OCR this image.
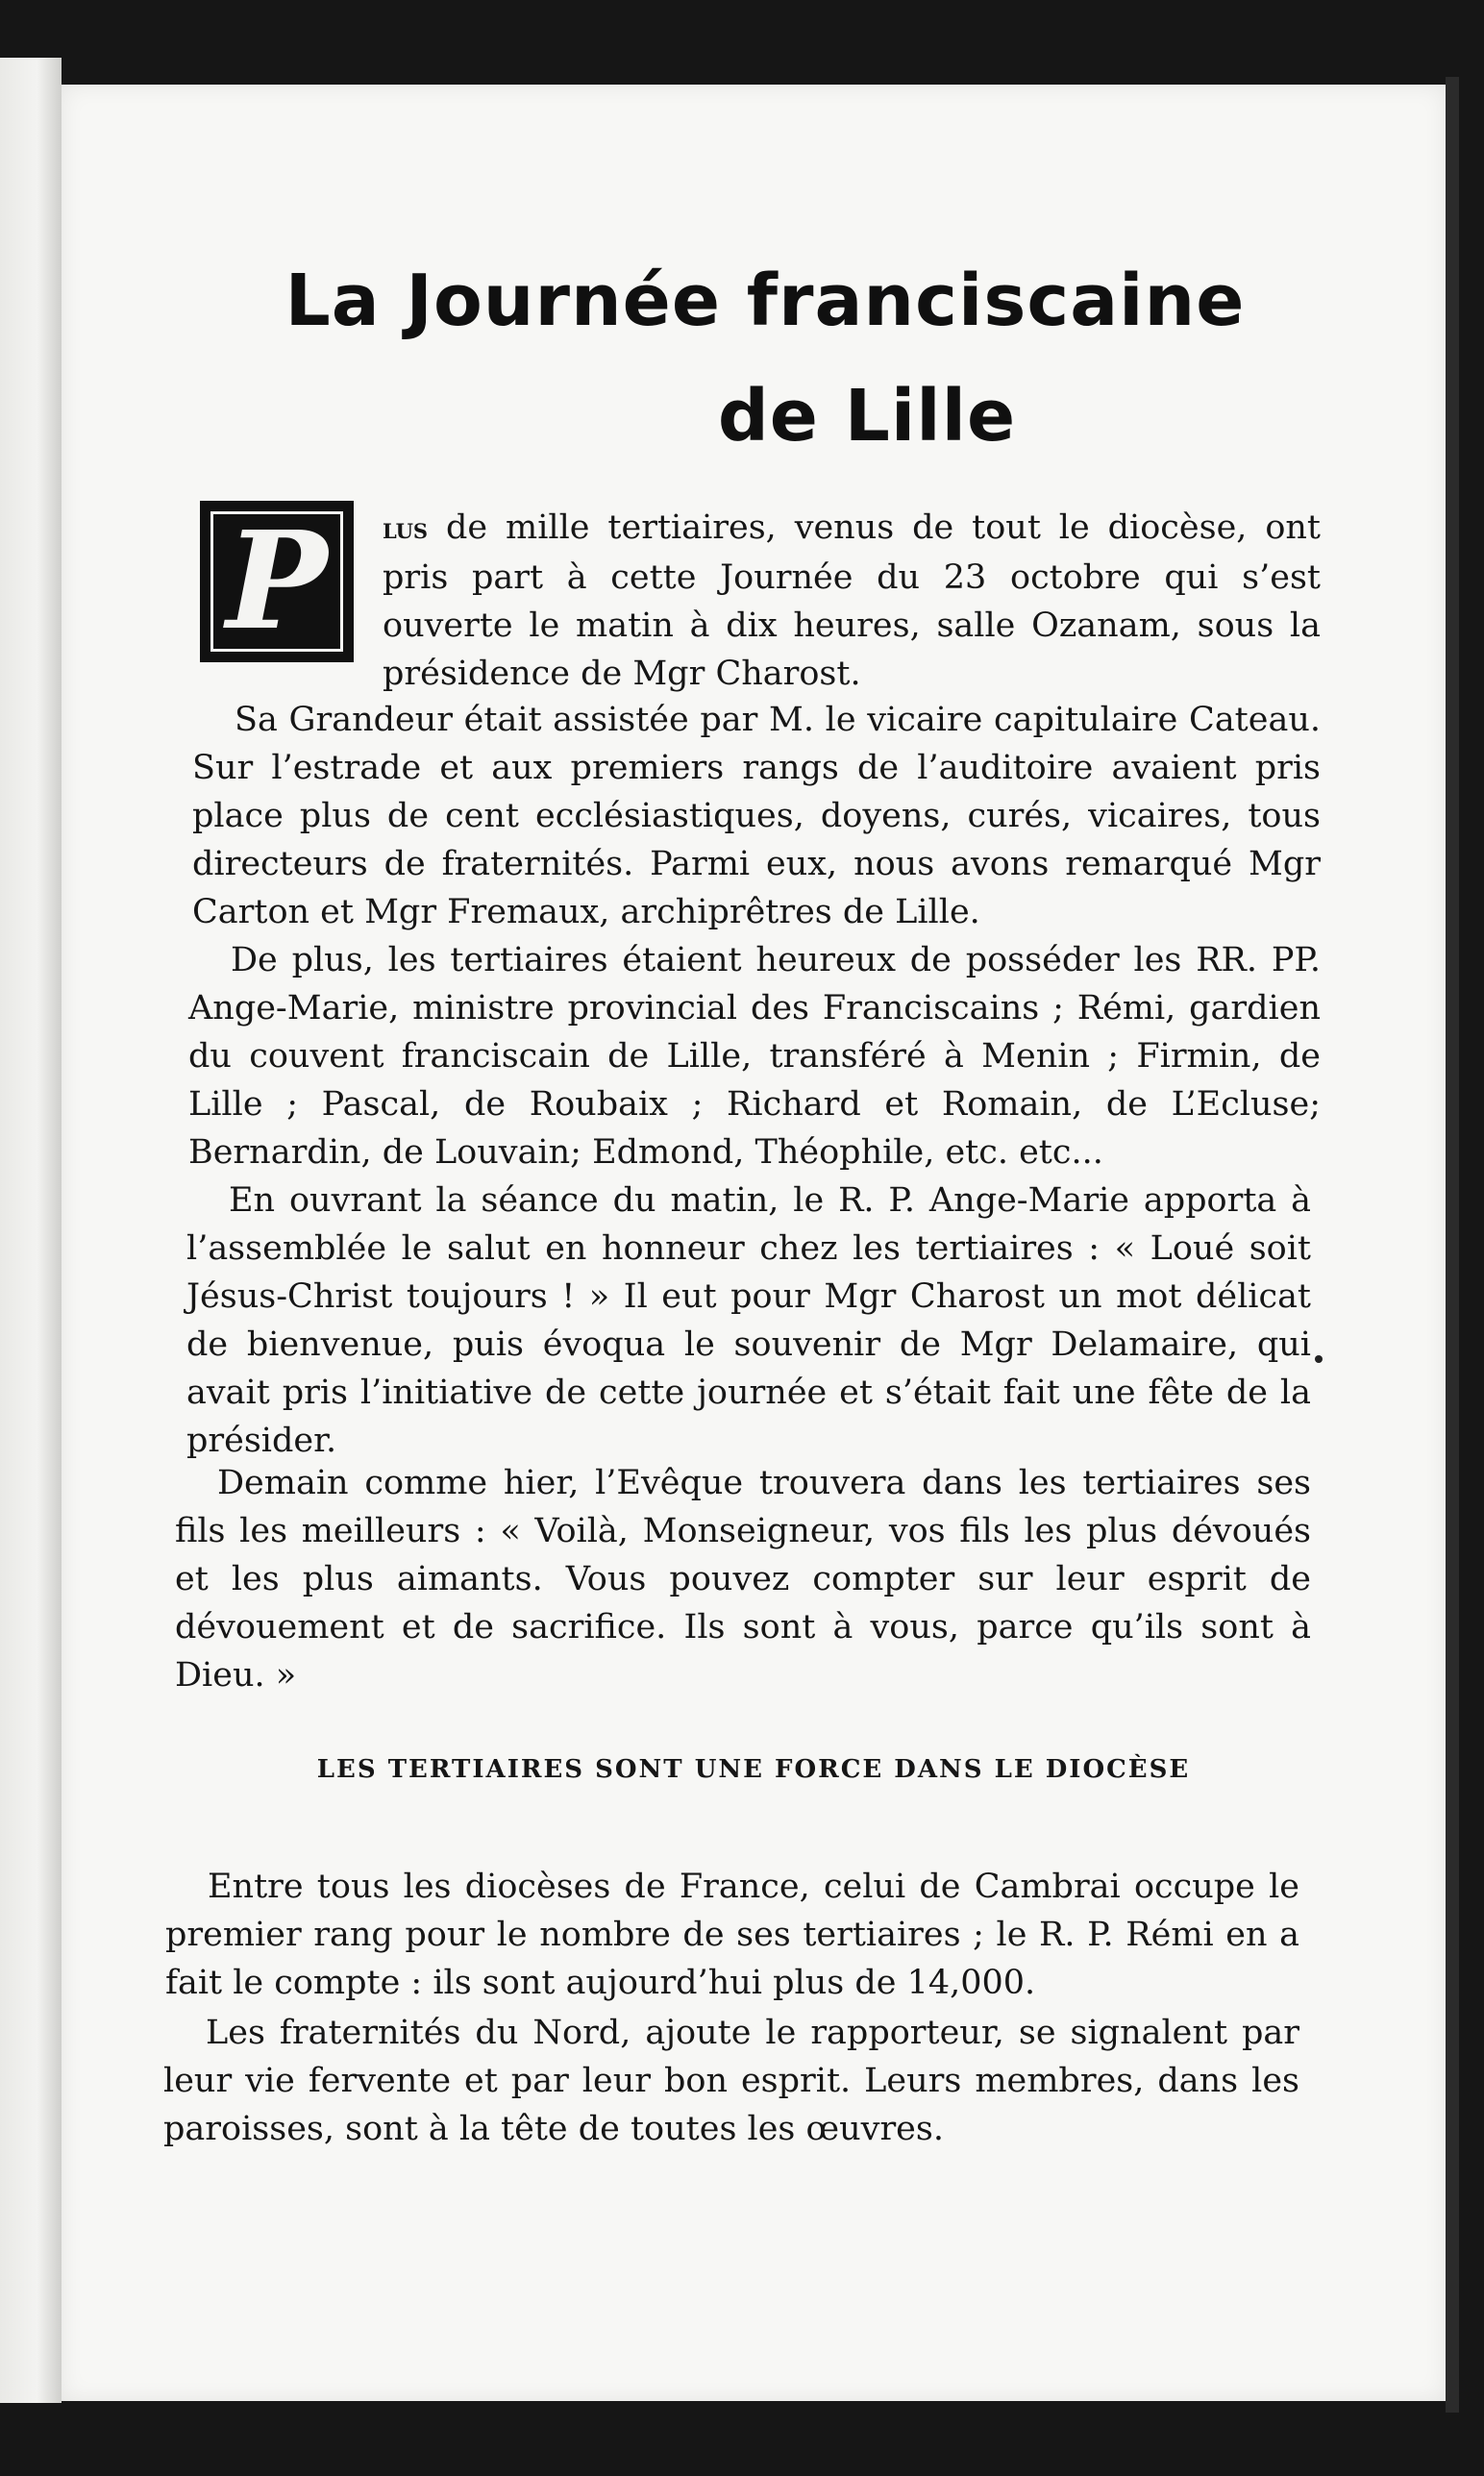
La Journée franciscaine
de Lille
P	lus de mille tertiaires, venus de tout le diocèse, ont pris part à cette Journée du 23 octobre qui s’est ouverte le matin à dix heures, salle Ozanam, sous la présidence de Mgr Charost.
Sa Grandeur était assistée par M. le vicaire capitulaire Cateau. Sur l’estrade et aux premiers rangs de l’auditoire avaient pris place plus de cent ecclésiastiques, doyens, curés, vicaires, tous directeurs de fraternités. Parmi eux, nous avons remarqué Mgr Carton et Mgr Fremaux, archiprêtres de Lille.
De plus, les tertiaires étaient heureux de posséder les RR. PP. Ange-Marie, ministre provincial des Franciscains ; Rémi, gardien du couvent franciscain de Lille, transféré à Menin ; Firmin, de Lille ; Pascal, de Roubaix ; Richard et Romain, de L’Ecluse; Bernardin, de Louvain; Edmond, Théophile, etc. etc...
En ouvrant la séance du matin, le R. P. Ange-Marie apporta à l’assemblée le salut en honneur chez les tertiaires : « Loué soit Jésus-Christ toujours ! » Il eut pour Mgr Charost un mot délicat de bienvenue, puis évoqua le souvenir de Mgr Delamaire, qui avait pris l’initiative de cette journée et s’était fait une fête de la présider.
Demain comme hier, l’Evêque trouvera dans les tertiaires ses fils les meilleurs : « Voilà, Monseigneur, vos fils les plus dévoués et les plus aimants. Vous pouvez compter sur leur esprit de dévouement et de sacrifice. Ils sont à vous, parce qu’ils sont à Dieu. »
LES TERTIAIRES SONT UNE FORCE DANS LE DIOCÈSE
Entre tous les diocèses de France, celui de Cambrai occupe le premier rang pour le nombre de ses tertiaires ; le R. P. Rémi en a fait le compte : ils sont aujourd’hui plus de 14,000.
Les fraternités du Nord, ajoute le rapporteur, se signalent par leur vie fervente et par leur bon esprit. Leurs membres, dans les paroisses, sont à la tête de toutes les œuvres.
